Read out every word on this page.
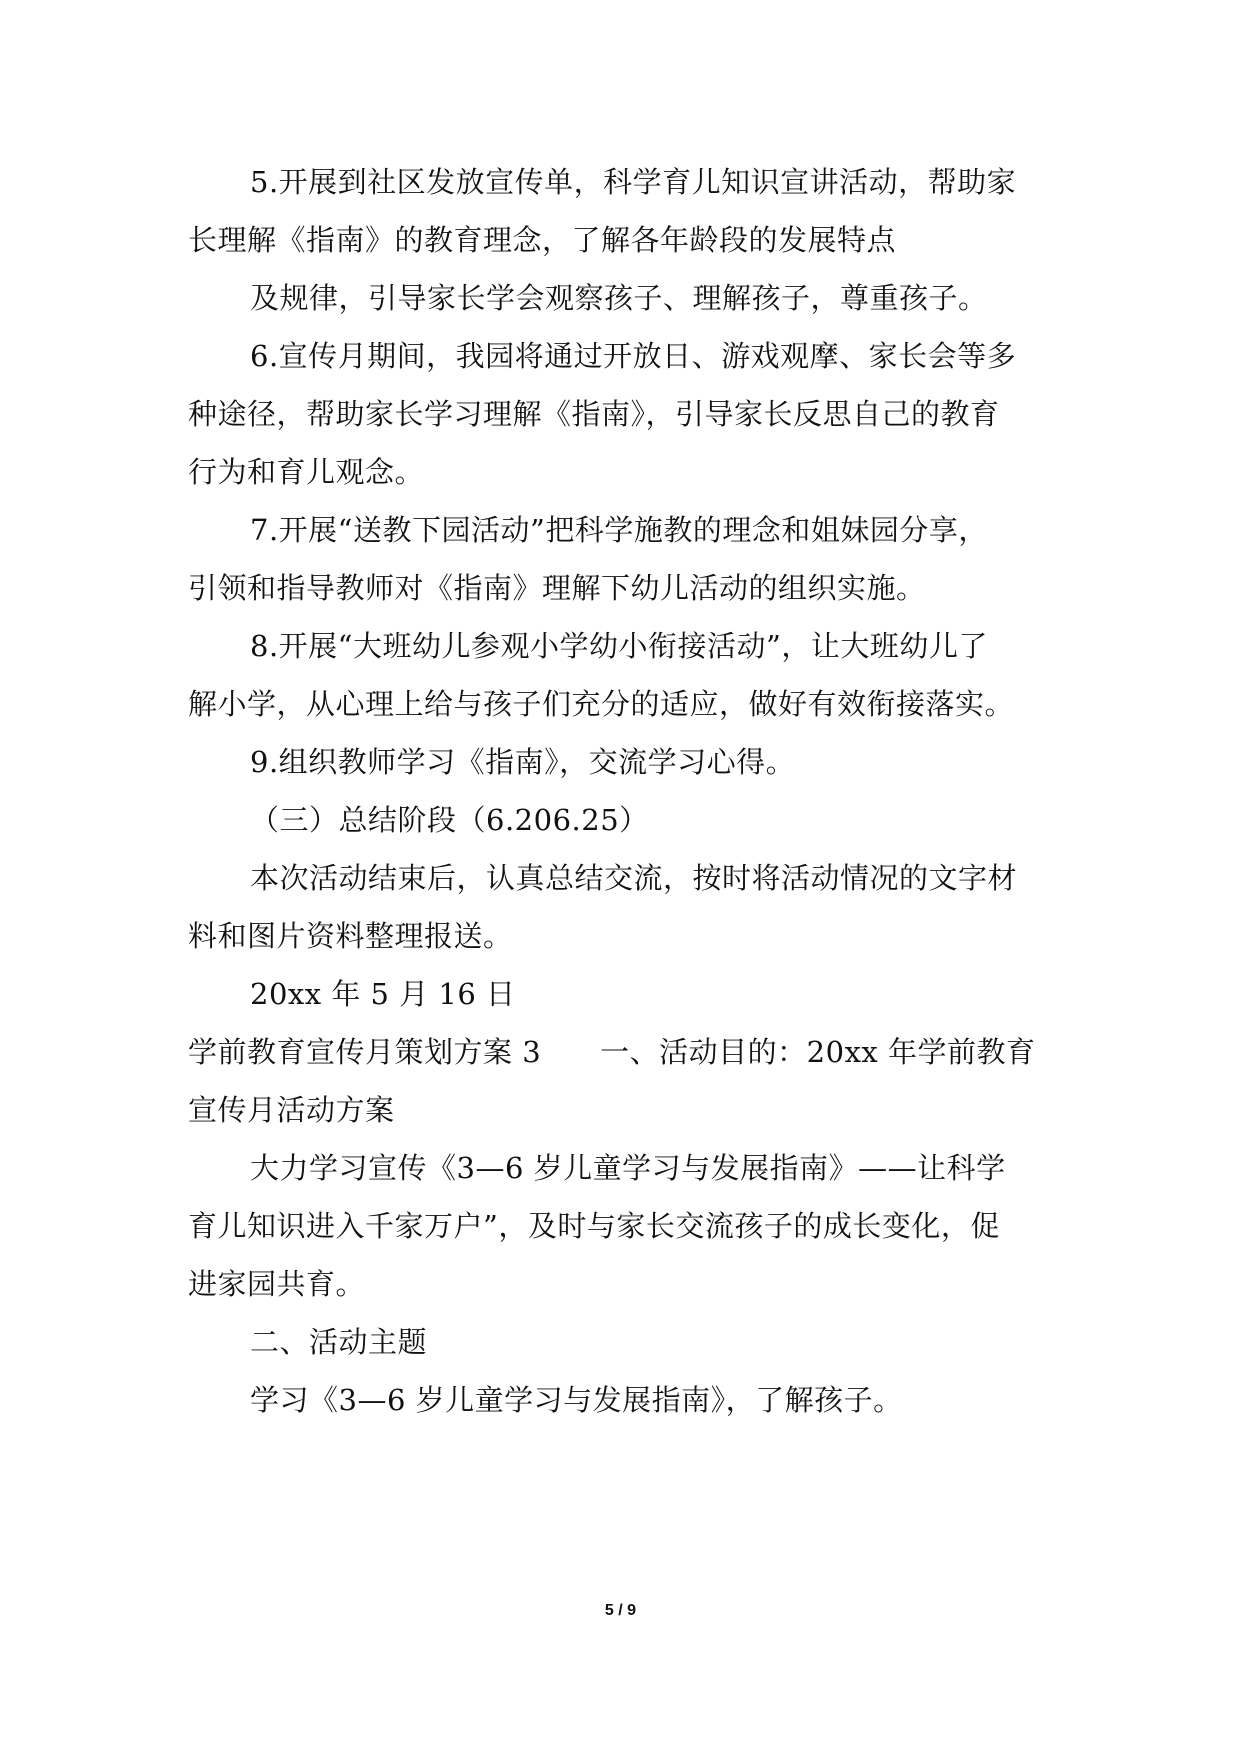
5.开展到社区发放宣传单，科学育儿知识宣讲活动，帮助家
长理解《指南》的教育理念，了解各年龄段的发展特点
及规律，引导家长学会观察孩子、理解孩子，尊重孩子。
6.宣传月期间，我园将通过开放日、游戏观摩、家长会等多
种途径，帮助家长学习理解《指南》，引导家长反思自己的教育
行为和育儿观念。
7.开展“送教下园活动”把科学施教的理念和姐妹园分享，
引领和指导教师对《指南》理解下幼儿活动的组织实施。
8.开展“大班幼儿参观小学幼小衔接活动”，让大班幼儿了
解小学，从心理上给与孩子们充分的适应，做好有效衔接落实。
9.组织教师学习《指南》，交流学习心得。
（三）总结阶段（6.206.25）
本次活动结束后，认真总结交流，按时将活动情况的文字材
料和图片资料整理报送。
20xx 年 5 月 16 日
学前教育宣传月策划方案 3　　一、活动目的：20xx 年学前教育
宣传月活动方案
大力学习宣传《3—6 岁儿童学习与发展指南》——让科学
育儿知识进入千家万户”，及时与家长交流孩子的成长变化，促
进家园共育。
二、活动主题
学习《3—6 岁儿童学习与发展指南》，了解孩子。
5 / 9
